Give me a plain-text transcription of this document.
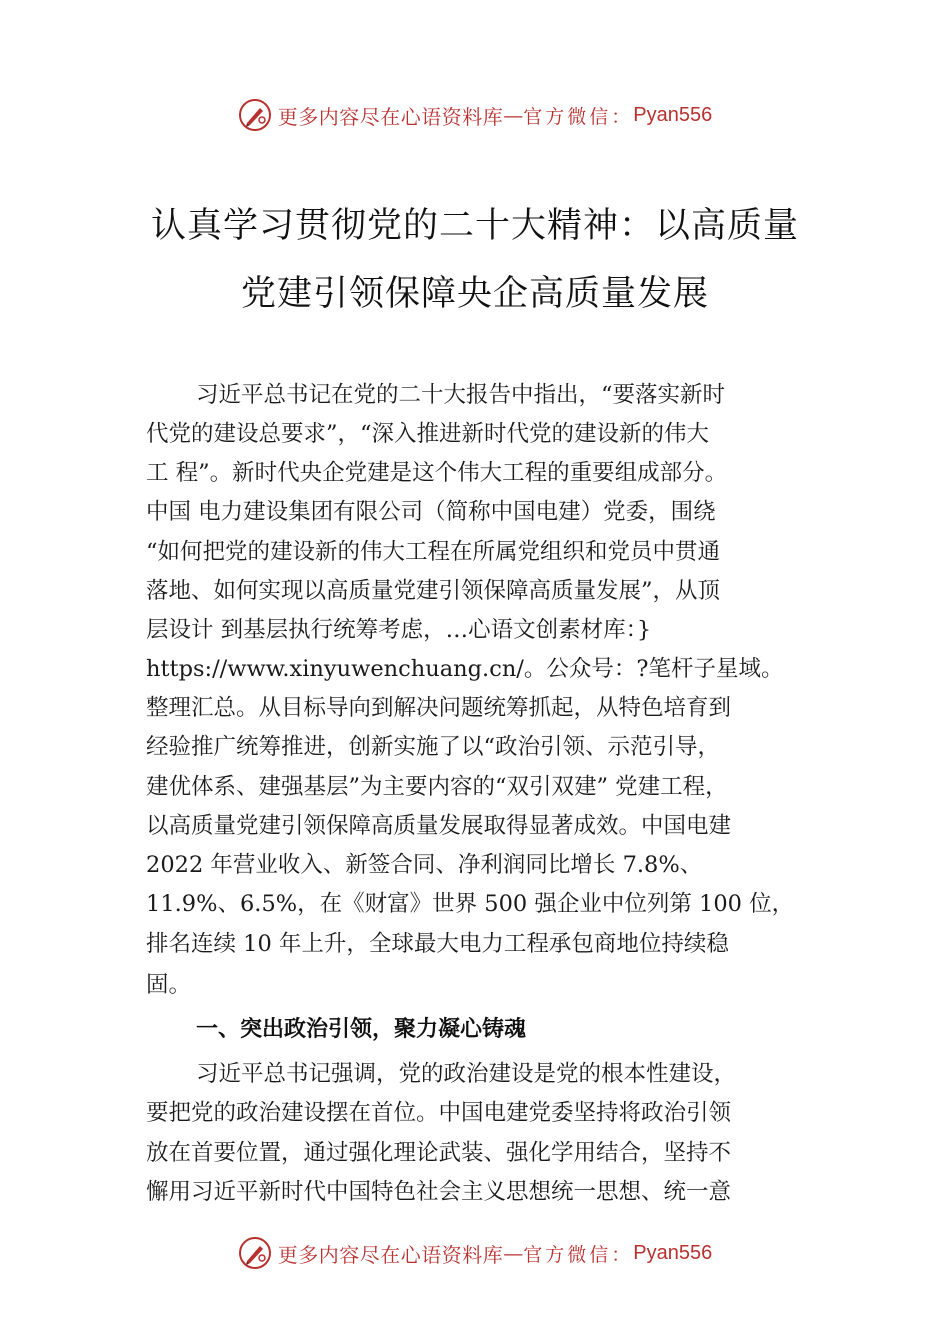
更多内容尽在心语资料库 — 官方微信： Pyan556
认真学习贯彻党的二十大精神：以高质量
党建引领保障央企高质量发展
习近平总书记在党的二十大报告中指出，“要落实新时
代党的建设总要求”，“深入推进新时代党的建设新的伟大
工 程”。新时代央企党建是这个伟大工程的重要组成部分。
中国 电力建设集团有限公司（简称中国电建）党委，围绕
“如何把党的建设新的伟大工程在所属党组织和党员中贯通
落地、如何实现以高质量党建引领保障高质量发展”，从顶
层设计 到基层执行统筹考虑，…心语文创素材库：}
https://www.xinyuwenchuang.cn/。公众号：?笔杆子星域。
整理汇总。从目标导向到解决问题统筹抓起，从特色培育到
经验推广统筹推进，创新实施了以“政治引领、示范引导，
建优体系、建强基层”为主要内容的“双引双建” 党建工程，
以高质量党建引领保障高质量发展取得显著成效。中国电建
2022 年营业收入、新签合同、净利润同比增长 7.8%、
11.9%、6.5%，在《财富》世界 500 强企业中位列第 100 位，
排名连续 10 年上升，全球最大电力工程承包商地位持续稳
固。
一、突出政治引领，聚力凝心铸魂
习近平总书记强调，党的政治建设是党的根本性建设，
要把党的政治建设摆在首位。中国电建党委坚持将政治引领
放在首要位置，通过强化理论武装、强化学用结合，坚持不
懈用习近平新时代中国特色社会主义思想统一思想、统一意
更多内容尽在心语资料库 — 官方微信： Pyan556
